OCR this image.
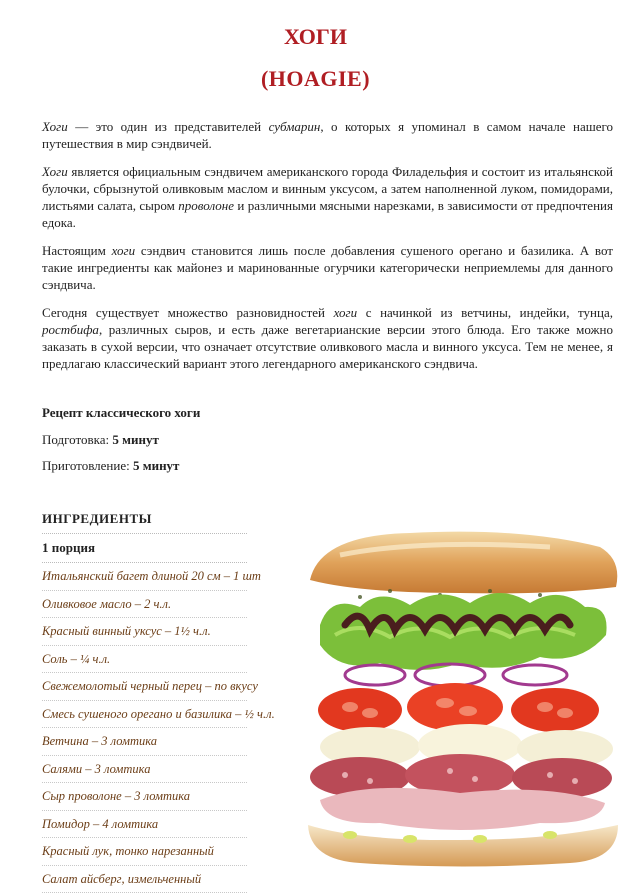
ХОГИ
(HOAGIE)

Хоги — это один из представителей субмарин, о которых я упоминал в самом начале нашего путешествия в мир сэндвичей.

Хоги является официальным сэндвичем американского города Филадельфия и состоит из итальянской булочки, сбрызнутой оливковым маслом и винным уксусом, а затем наполненной луком, помидорами, листьями салата, сыром проволоне и различными мясными нарезками, в зависимости от предпочтения едока.

Настоящим хоги сэндвич становится лишь после добавления сушеного орегано и базилика. А вот такие ингредиенты как майонез и маринованные огурчики категорически неприемлемы для данного сэндвича.

Сегодня существует множество разновидностей хоги с начинкой из ветчины, индейки, тунца, ростбифа, различных сыров, и есть даже вегетарианские версии этого блюда. Его также можно заказать в сухой версии, что означает отсутствие оливкового масла и винного уксуса. Тем не менее, я предлагаю классический вариант этого легендарного американского сэндвича.

Рецепт классического хоги
Подготовка: 5 минут
Приготовление: 5 минут
ИНГРЕДИЕНТЫ
1 порция
Итальянский багет длиной 20 см – 1 шт
Оливковое масло – 2 ч.л.
Красный винный уксус – 1½ ч.л.
Соль – ¼ ч.л.
Свежемолотый черный перец – по вкусу
Смесь сушеного орегано и базилика – ½ ч.л.
Ветчина – 3 ломтика
Салями – 3 ломтика
Сыр проволоне – 3 ломтика
Помидор – 4 ломтика
Красный лук, тонко нарезанный
Салат айсберг, измельченный
